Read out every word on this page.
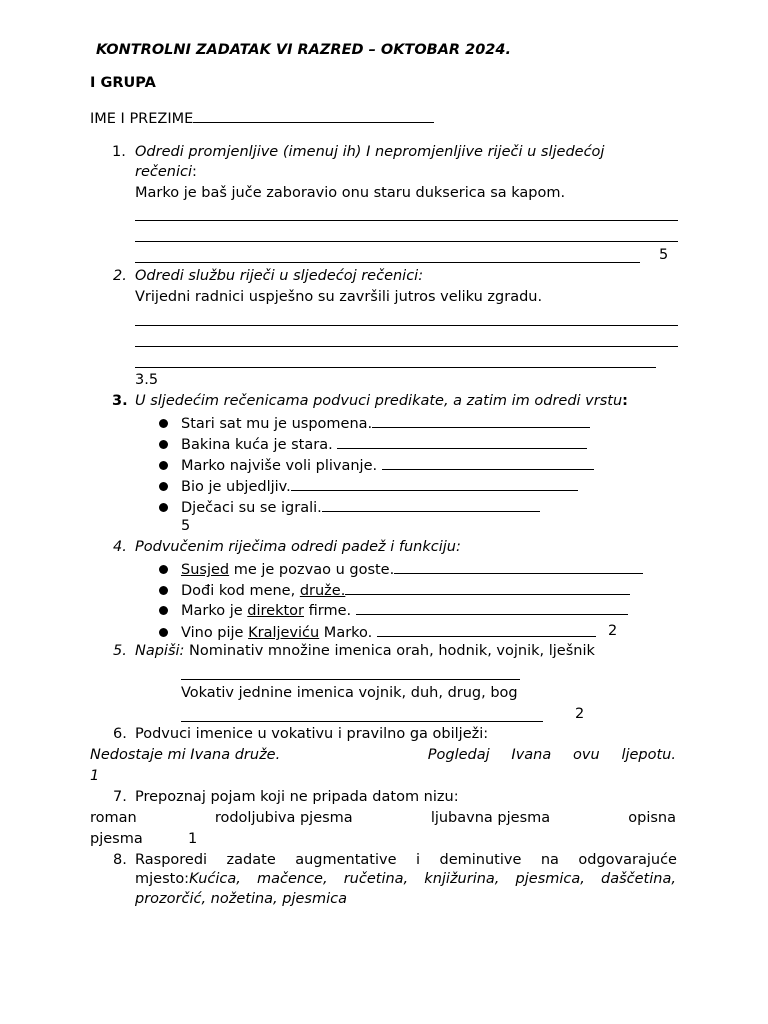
KONTROLNI ZADATAK VI RAZRED – OKTOBAR 2024.
I GRUPA
IME I PREZIME
1. Odredi promjenljive (imenuj ih) I nepromjenljive riječi u sljedećoj
rečenici:
Marko je baš juče zaboravio onu staru dukserica sa kapom.
5
2. Odredi službu riječi u sljedećoj rečenici:
Vrijedni radnici uspješno su završili jutros veliku zgradu.
3.5
3. U sljedećim rečenicama podvuci predikate, a zatim im odredi vrstu:
Stari sat mu je uspomena.
Bakina kuća je stara.
Marko najviše voli plivanje.
Bio je ubjedljiv.
Dječaci su se igrali.
5
4. Podvučenim riječima odredi padež i funkciju:
Susjed me je pozvao u goste.
Dođi kod mene, druže.
Marko je direktor firme.
Vino pije Kraljeviću Marko.	2
5. Napiši: Nominativ množine imenica orah, hodnik, vojnik, lješnik
Vokativ jednine imenica vojnik, duh, drug, bog
2
6. Podvuci imenice u vokativu i pravilno ga obilježi:
Nedostaje mi Ivana druže.	Pogledaj Ivana ovu ljepotu.
1
7. Prepoznaj pojam koji ne pripada datom nizu:
roman	rodoljubiva pjesma	ljubavna pjesma	opisna
pjesma	1
8. Rasporedi zadate augmentative i deminutive na odgovarajuće
mjesto:Kućica, mačence, ručetina, knjižurina, pjesmica, daščetina,
prozorčić, nožetina, pjesmica
